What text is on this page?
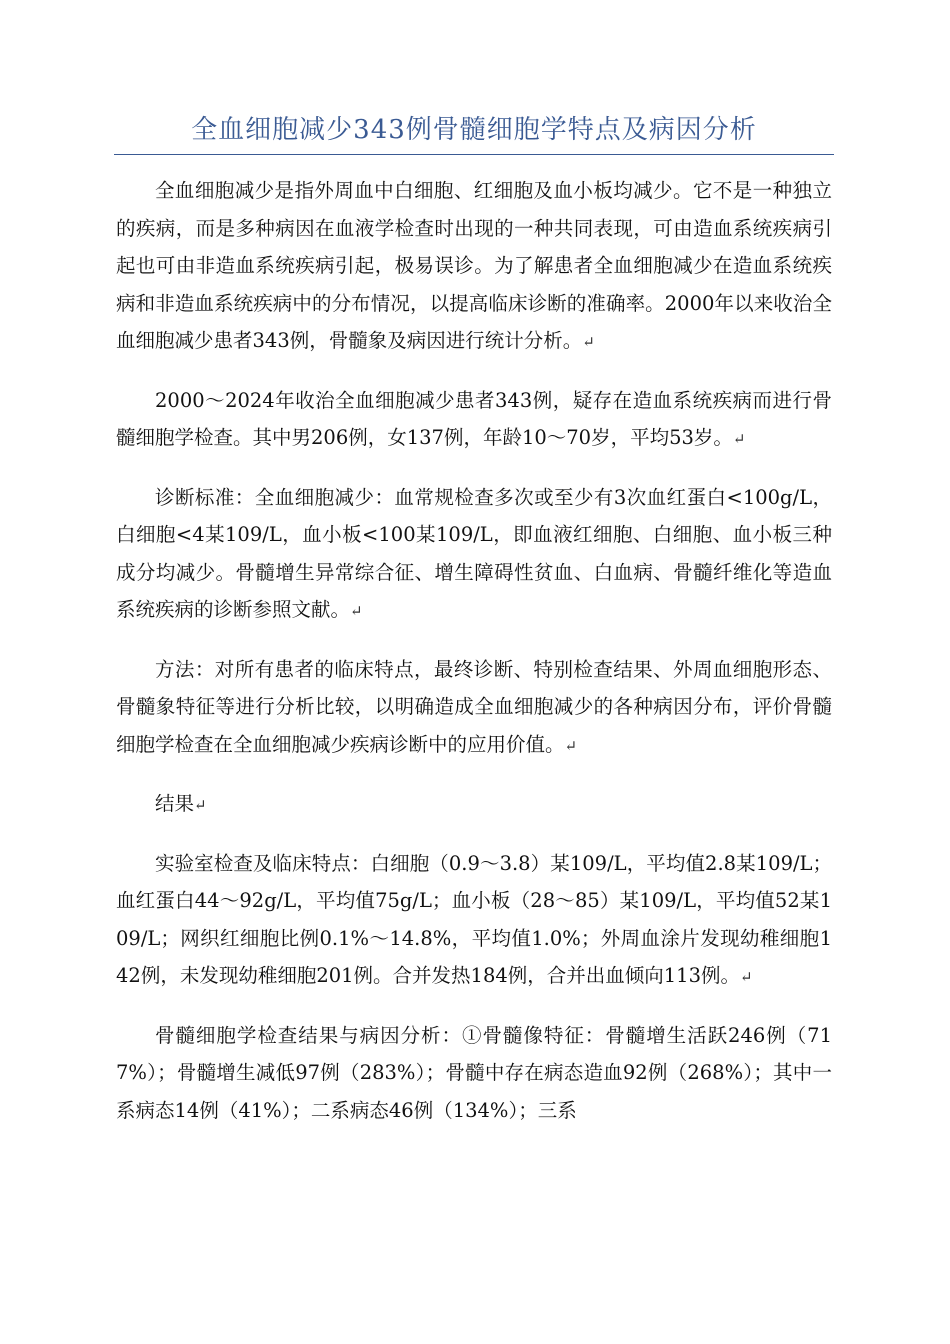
全血细胞减少343例骨髓细胞学特点及病因分析

全血细胞减少是指外周血中白细胞、红细胞及血小板均减少。它不是一种独立的疾病，而是多种病因在血液学检查时出现的一种共同表现，可由造血系统疾病引起也可由非造血系统疾病引起，极易误诊。为了解患者全血细胞减少在造血系统疾病和非造血系统疾病中的分布情况，以提高临床诊断的准确率。2000年以来收治全血细胞减少患者343例，骨髓象及病因进行统计分析。↵

2000～2024年收治全血细胞减少患者343例，疑存在造血系统疾病而进行骨髓细胞学检查。其中男206例，女137例，年龄10～70岁，平均53岁。↵

诊断标准：全血细胞减少：血常规检查多次或至少有3次血红蛋白<100g/L，白细胞<4某109/L，血小板<100某109/L，即血液红细胞、白细胞、血小板三种成分均减少。骨髓增生异常综合征、增生障碍性贫血、白血病、骨髓纤维化等造血系统疾病的诊断参照文献。↵

方法：对所有患者的临床特点，最终诊断、特别检查结果、外周血细胞形态、骨髓象特征等进行分析比较，以明确造成全血细胞减少的各种病因分布，评价骨髓细胞学检查在全血细胞减少疾病诊断中的应用价值。↵

结果↵

实验室检查及临床特点：白细胞（0.9～3.8）某109/L，平均值2.8某109/L；血红蛋白44～92g/L，平均值75g/L；血小板（28～85）某109/L，平均值52某109/L；网织红细胞比例0.1%～14.8%，平均值1.0%；外周血涂片发现幼稚细胞142例，未发现幼稚细胞201例。合并发热184例，合并出血倾向113例。↵

骨髓细胞学检查结果与病因分析：①骨髓像特征：骨髓增生活跃246例（717%）；骨髓增生减低97例（283%）；骨髓中存在病态造血92例（268%）；其中一系病态14例（41%）；二系病态46例（134%）；三系
